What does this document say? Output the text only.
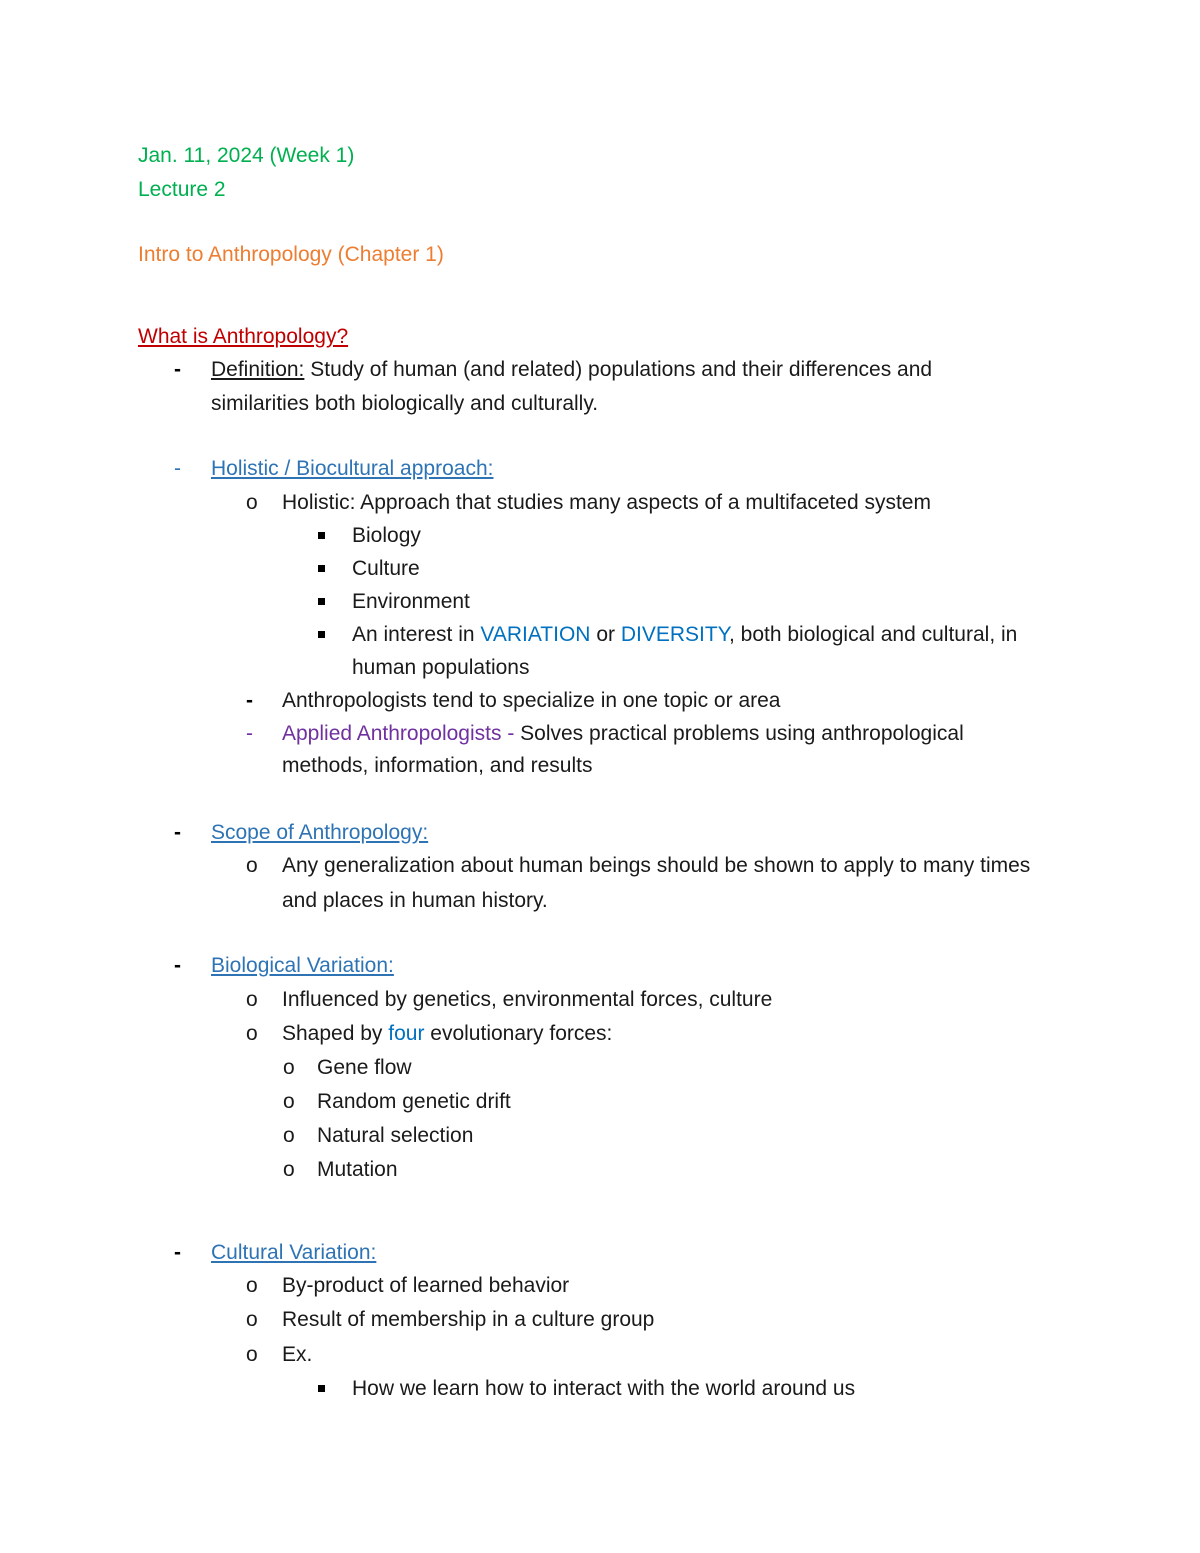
Jan. 11, 2024 (Week 1)
Lecture 2
Intro to Anthropology (Chapter 1)
What is Anthropology?
- Definition: Study of human (and related) populations and their differences and
similarities both biologically and culturally.
- Holistic / Biocultural approach:
o Holistic: Approach that studies many aspects of a multifaceted system
Biology
Culture
Environment
An interest in VARIATION or DIVERSITY, both biological and cultural, in
human populations
- Anthropologists tend to specialize in one topic or area
- Applied Anthropologists - Solves practical problems using anthropological
methods, information, and results
- Scope of Anthropology:
o Any generalization about human beings should be shown to apply to many times
and places in human history.
- Biological Variation:
o Influenced by genetics, environmental forces, culture
o Shaped by four evolutionary forces:
o Gene flow
o Random genetic drift
o Natural selection
o Mutation
- Cultural Variation:
o By-product of learned behavior
o Result of membership in a culture group
o Ex.
How we learn how to interact with the world around us
